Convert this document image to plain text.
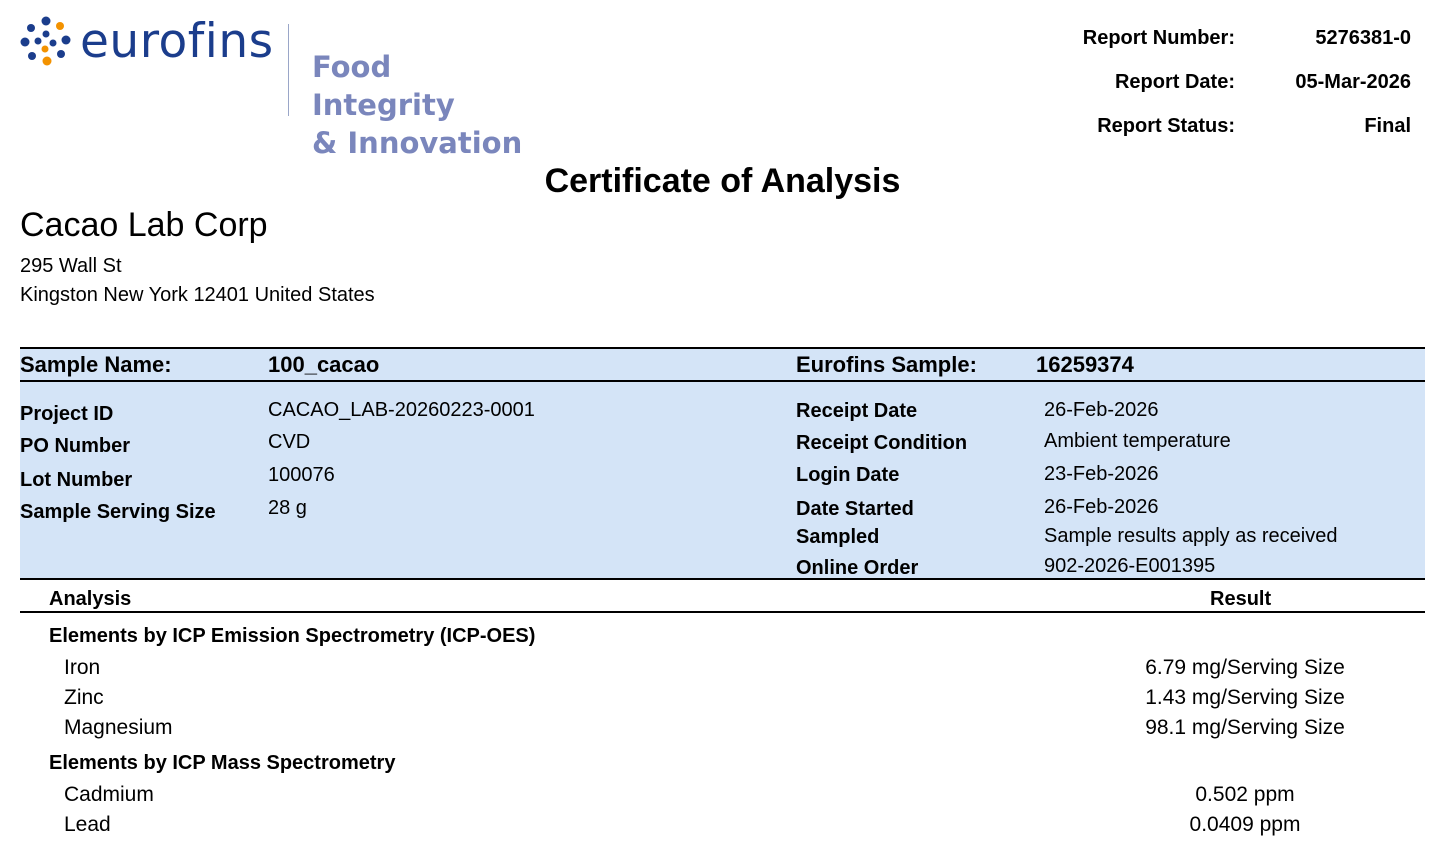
eurofins Food Integrity
& Innovation
Report Number:	5276381-0
Report Date:	05-Mar-2026
Report Status:	Final
Certificate of Analysis
Cacao Lab Corp
295 Wall St
Kingston New York 12401 United States
Sample Name:	100_cacao	Eurofins Sample:	16259374
Project ID	CACAO_LAB-20260223-0001
PO Number	CVD
Lot Number	100076
Sample Serving Size	28 g
Receipt Date	26-Feb-2026
Receipt Condition	Ambient temperature
Login Date	23-Feb-2026
Date Started	26-Feb-2026
Sampled	Sample results apply as received
Online Order	902-2026-E001395
Analysis	Result
Elements by ICP Emission Spectrometry (ICP-OES)
Iron	6.79 mg/Serving Size
Zinc	1.43 mg/Serving Size
Magnesium	98.1 mg/Serving Size
Elements by ICP Mass Spectrometry
Cadmium	0.502 ppm
Lead	0.0409 ppm
